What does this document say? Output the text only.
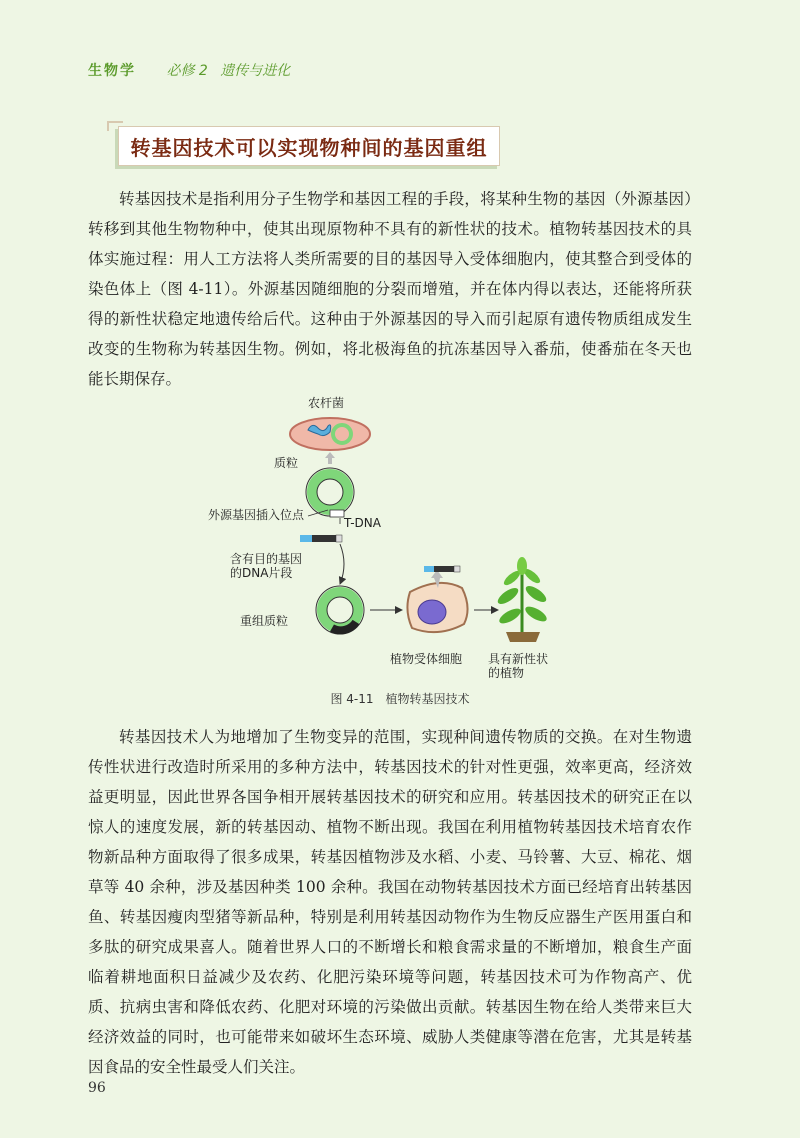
生物学 必修 2 遗传与进化
转基因技术可以实现物种间的基因重组

转基因技术是指利用分子生物学和基因工程的手段，将某种生物的基因（外源基因）转移到其他生物物种中，使其出现原物种不具有的新性状的技术。植物转基因技术的具体实施过程：用人工方法将人类所需要的目的基因导入受体细胞内，使其整合到受体的染色体上（图 4-11）。外源基因随细胞的分裂而增殖，并在体内得以表达，还能将所获得的新性状稳定地遗传给后代。这种由于外源基因的导入而引起原有遗传物质组成发生改变的生物称为转基因生物。例如，将北极海鱼的抗冻基因导入番茄，使番茄在冬天也能长期保存。

农杆菌
质粒
外源基因插入位点
T-DNA
含有目的基因
的DNA片段
重组质粒
植物受体细胞 具有新性状
的植物
图 4-11　植物转基因技术

转基因技术人为地增加了生物变异的范围，实现种间遗传物质的交换。在对生物遗传性状进行改造时所采用的多种方法中，转基因技术的针对性更强，效率更高，经济效益更明显，因此世界各国争相开展转基因技术的研究和应用。转基因技术的研究正在以惊人的速度发展，新的转基因动、植物不断出现。我国在利用植物转基因技术培育农作物新品种方面取得了很多成果，转基因植物涉及水稻、小麦、马铃薯、大豆、棉花、烟草等 40 余种，涉及基因种类 100 余种。我国在动物转基因技术方面已经培育出转基因鱼、转基因瘦肉型猪等新品种，特别是利用转基因动物作为生物反应器生产医用蛋白和多肽的研究成果喜人。随着世界人口的不断增长和粮食需求量的不断增加，粮食生产面临着耕地面积日益减少及农药、化肥污染环境等问题，转基因技术可为作物高产、优质、抗病虫害和降低农药、化肥对环境的污染做出贡献。转基因生物在给人类带来巨大经济效益的同时，也可能带来如破坏生态环境、威胁人类健康等潜在危害，尤其是转基因食品的安全性最受人们关注。

96
